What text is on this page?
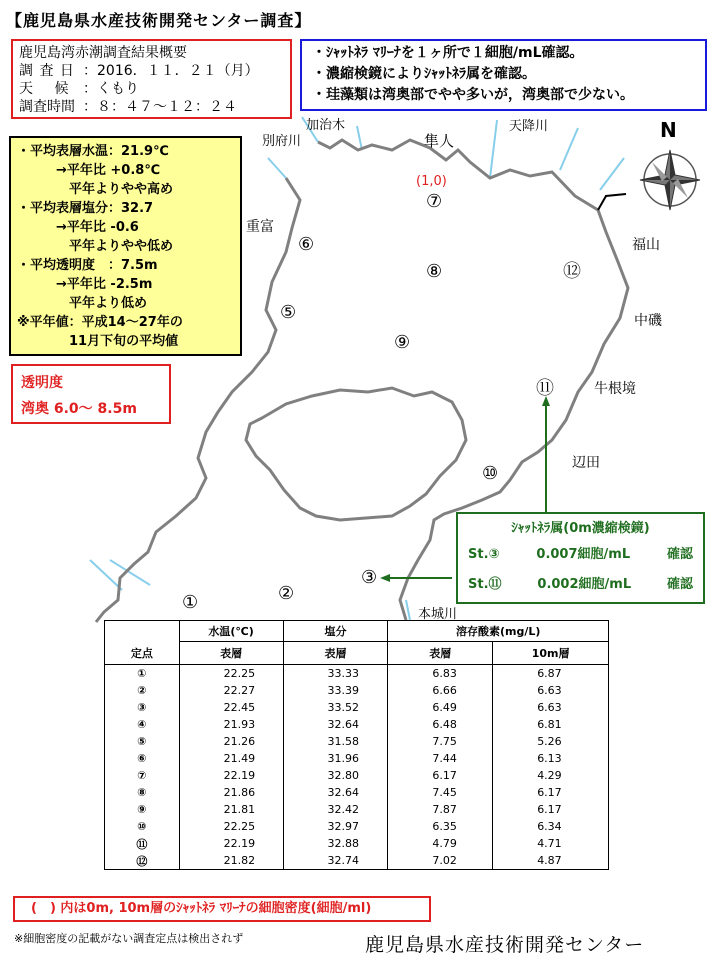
【鹿児島県水産技術開発センター調査】
鹿児島湾赤潮調査結果概要
調 査 日 ：2016．１１．２１（月）
天　 候 ：くもり
調査時間 ：８：４７～１２：２４
・ｼｬｯﾄﾈﾗ ﾏﾘｰﾅを１ヶ所で１細胞/mL確認。
・濃縮検鏡によりｼｬｯﾄﾈﾗ属を確認。
・珪藻類は湾奥部でやや多いが，湾奥部で少ない。
・平均表層水温：21.9℃
　　　→平年比 +0.8℃
　　　　平年よりやや高め
・平均表層塩分：32.7
　　　→平年比 -0.6
　　　　平年よりやや低め
・平均透明度　：7.5m
　　　→平年比 -2.5m
　　　　平年より低め
※平年値：平成14～27年の
　　　　11月下旬の平均値
透明度
湾奥 6.0～ 8.5m
加治木
別府川	隼人
天降川
重富
福山
中磯
牛根境
辺田
本城川
①	②
③
⑤
⑥
⑦
(1,0)
⑧
⑨
⑩
⑪
⑫
N
ｼｬｯﾄﾈﾗ属(0m濃縮検鏡)
St.③	0.007細胞/mL	確認
St.⑪	0.002細胞/mL	確認
	水温(℃)	塩分	溶存酸素(mg/L)	
定点	表層	表層	表層	10m層
①	22.25	33.33	6.83	6.87
②	22.27	33.39	6.66	6.63
③	22.45	33.52	6.49	6.63
④	21.93	32.64	6.48	6.81
⑤	21.26	31.58	7.75	5.26
⑥	21.49	31.96	7.44	6.13
⑦	22.19	32.80	6.17	4.29
⑧	21.86	32.64	7.45	6.17
⑨	21.81	32.42	7.87	6.17
⑩	22.25	32.97	6.35	6.34
⑪	22.19	32.88	4.79	4.71
⑫	21.82	32.74	7.02	4.87
(　) 内は0m, 10m層のｼｬｯﾄﾈﾗ ﾏﾘｰﾅの細胞密度(細胞/ml)
※細胞密度の記載がない調査定点は検出されず	鹿児島県水産技術開発センター
